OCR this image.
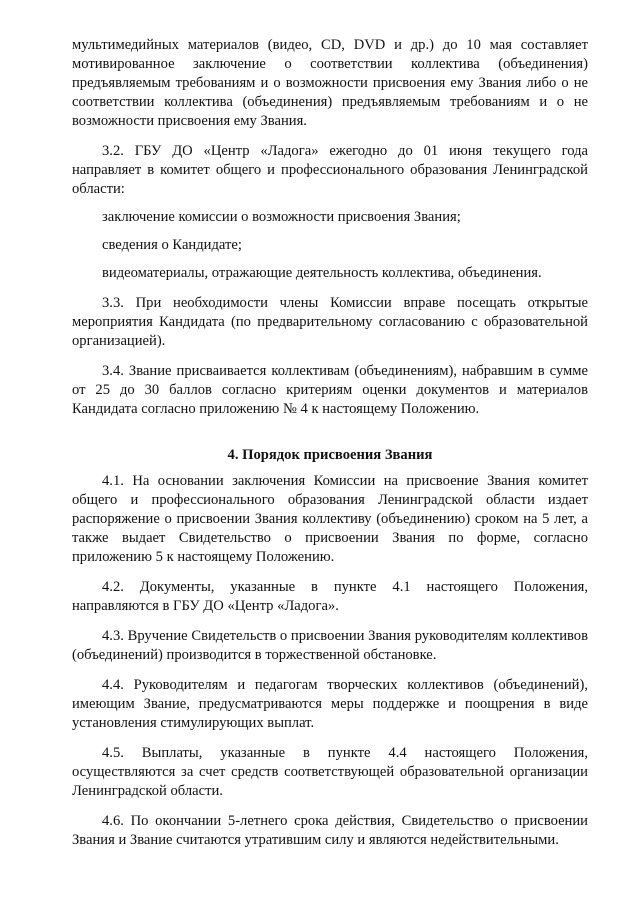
мультимедийных материалов (видео, CD, DVD и др.) до 10 мая составляет мотивированное заключение о соответствии коллектива (объединения) предъявляемым требованиям и о возможности присвоения ему Звания либо о не соответствии коллектива (объединения) предъявляемым требованиям и о не возможности присвоения ему Звания.

3.2. ГБУ ДО «Центр «Ладога» ежегодно до 01 июня текущего года направляет в комитет общего и профессионального образования Ленинградской области:

заключение комиссии о возможности присвоения Звания;

сведения о Кандидате;

видеоматериалы, отражающие деятельность коллектива, объединения.

3.3. При необходимости члены Комиссии вправе посещать открытые мероприятия Кандидата (по предварительному согласованию с образовательной организацией).

3.4. Звание присваивается коллективам (объединениям), набравшим в сумме от 25 до 30 баллов согласно критериям оценки документов и материалов Кандидата согласно приложению № 4 к настоящему Положению.

4. Порядок присвоения Звания

4.1. На основании заключения Комиссии на присвоение Звания комитет общего и профессионального образования Ленинградской области издает распоряжение о присвоении Звания коллективу (объединению) сроком на 5 лет, а также выдает Свидетельство о присвоении Звания по форме, согласно приложению 5 к настоящему Положению.

4.2. Документы, указанные в пункте 4.1 настоящего Положения, направляются в ГБУ ДО «Центр «Ладога».

4.3. Вручение Свидетельств о присвоении Звания руководителям коллективов (объединений) производится в торжественной обстановке.

4.4. Руководителям и педагогам творческих коллективов (объединений), имеющим Звание, предусматриваются меры поддержке и поощрения в виде установления стимулирующих выплат.

4.5. Выплаты, указанные в пункте 4.4 настоящего Положения, осуществляются за счет средств соответствующей образовательной организации Ленинградской области.

4.6. По окончании 5-летнего срока действия, Свидетельство о присвоении Звания и Звание считаются утратившим силу и являются недействительными.
